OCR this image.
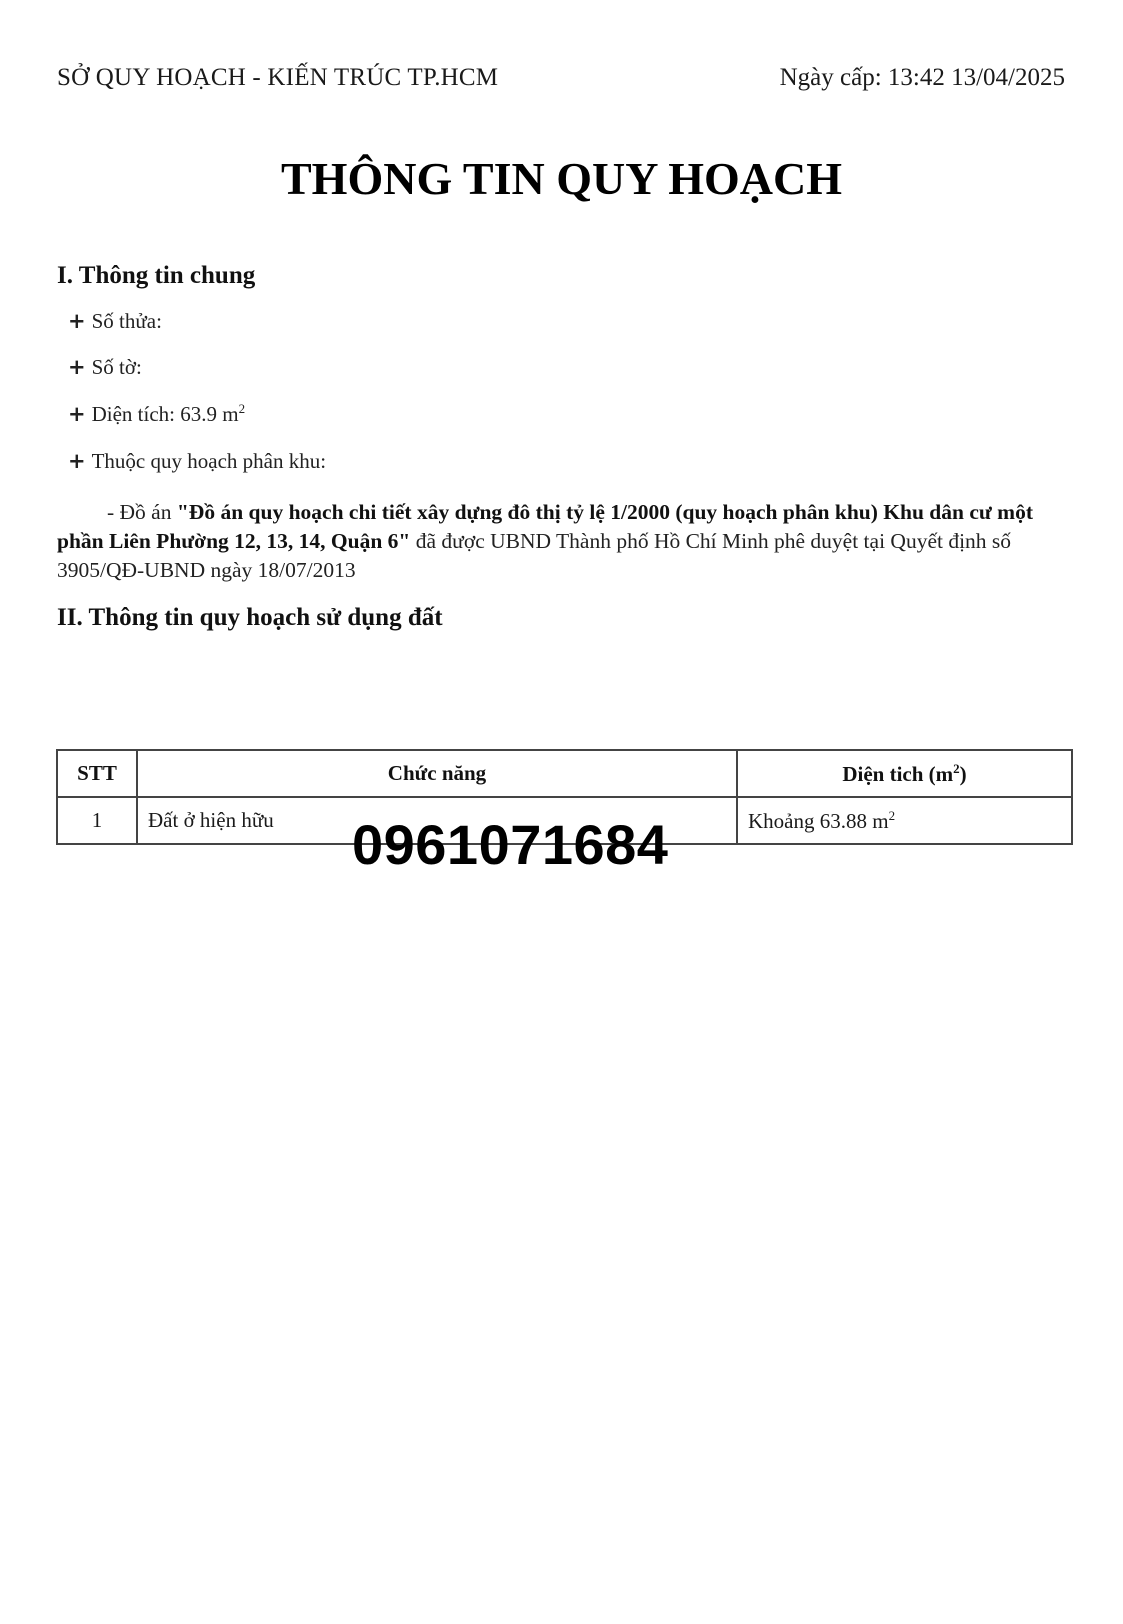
SỞ QUY HOẠCH - KIẾN TRÚC TP.HCM	Ngày cấp: 13:42 13/04/2025
THÔNG TIN QUY HOẠCH
I. Thông tin chung
+ Số thửa:
+ Số tờ:
+ Diện tích: 63.9 $m^2$
+ Thuộc quy hoạch phân khu:
- Đồ án "Đồ án quy hoạch chi tiết xây dựng đô thị tỷ lệ 1/2000 (quy hoạch phân khu) Khu dân cư một phần Liên Phường 12, 13, 14, Quận 6" đã được UBND Thành phố Hồ Chí Minh phê duyệt tại Quyết định số 3905/QĐ-UBND ngày 18/07/2013
II. Thông tin quy hoạch sử dụng đất
STT	Chức năng	Diện tich $(m^2)$
1	Đất ở hiện hữu	Khoảng 63.88 $m^2$
0961071684
